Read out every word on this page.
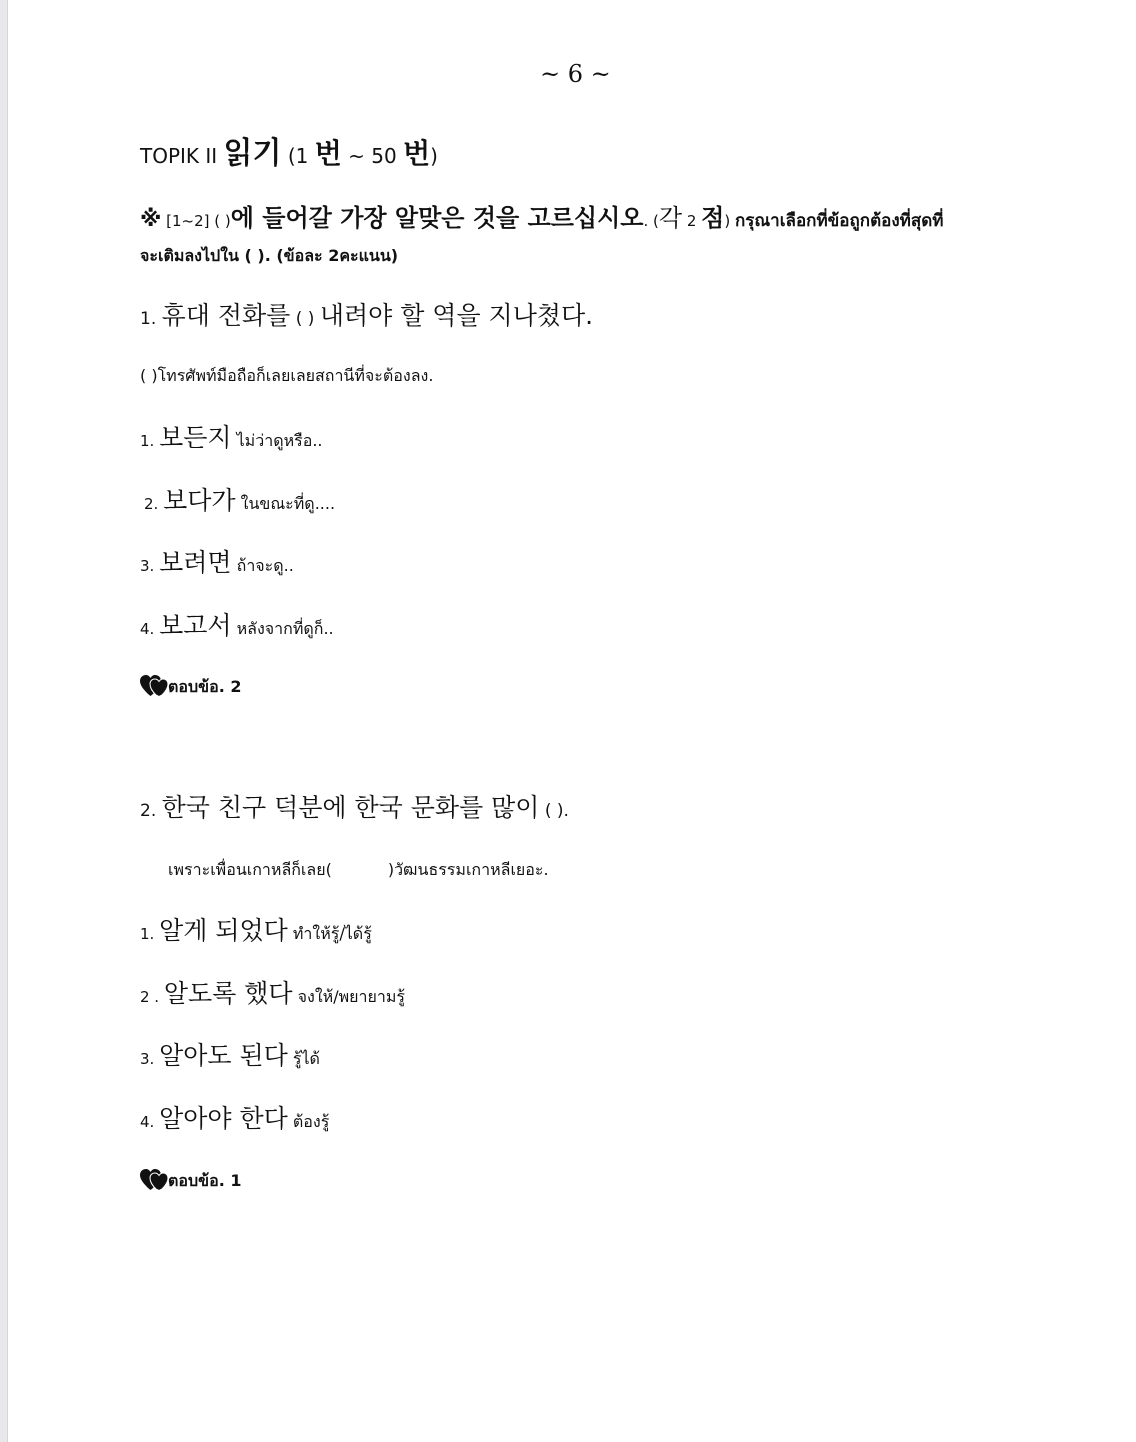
~ 6 ~
TOPIK II 읽기 (1 번 ~ 50 번)
※ [1~2] ( )에 들어갈 가장 알맞은 것을 고르십시오. (각 2 점) กรุณาเลือกที่ข้อถูกต้องที่สุดที่
จะเติมลงไปใน ( ). (ข้อละ 2คะแนน)
1. 휴대 전화를 ( ) 내려야 할 역을 지나쳤다.
( )โทรศัพท์มือถือก็เลยเลยสถานีที่จะต้องลง.
1. 보든지 ไม่ว่าดูหรือ..
2. 보다가 ในขณะที่ดู....
3. 보려면 ถ้าจะดู..
4. 보고서 หลังจากที่ดูก็..
ตอบข้อ. 2
2. 한국 친구 덕분에 한국 문화를 많이 ( ).
เพราะเพื่อนเกาหลีก็เลย(	)วัฒนธรรมเกาหลีเยอะ.
1. 알게 되었다 ทำให้รู้/ได้รู้
2 . 알도록 했다 จงให้/พยายามรู้
3. 알아도 된다 รู้ได้
4. 알아야 한다 ต้องรู้
ตอบข้อ. 1
